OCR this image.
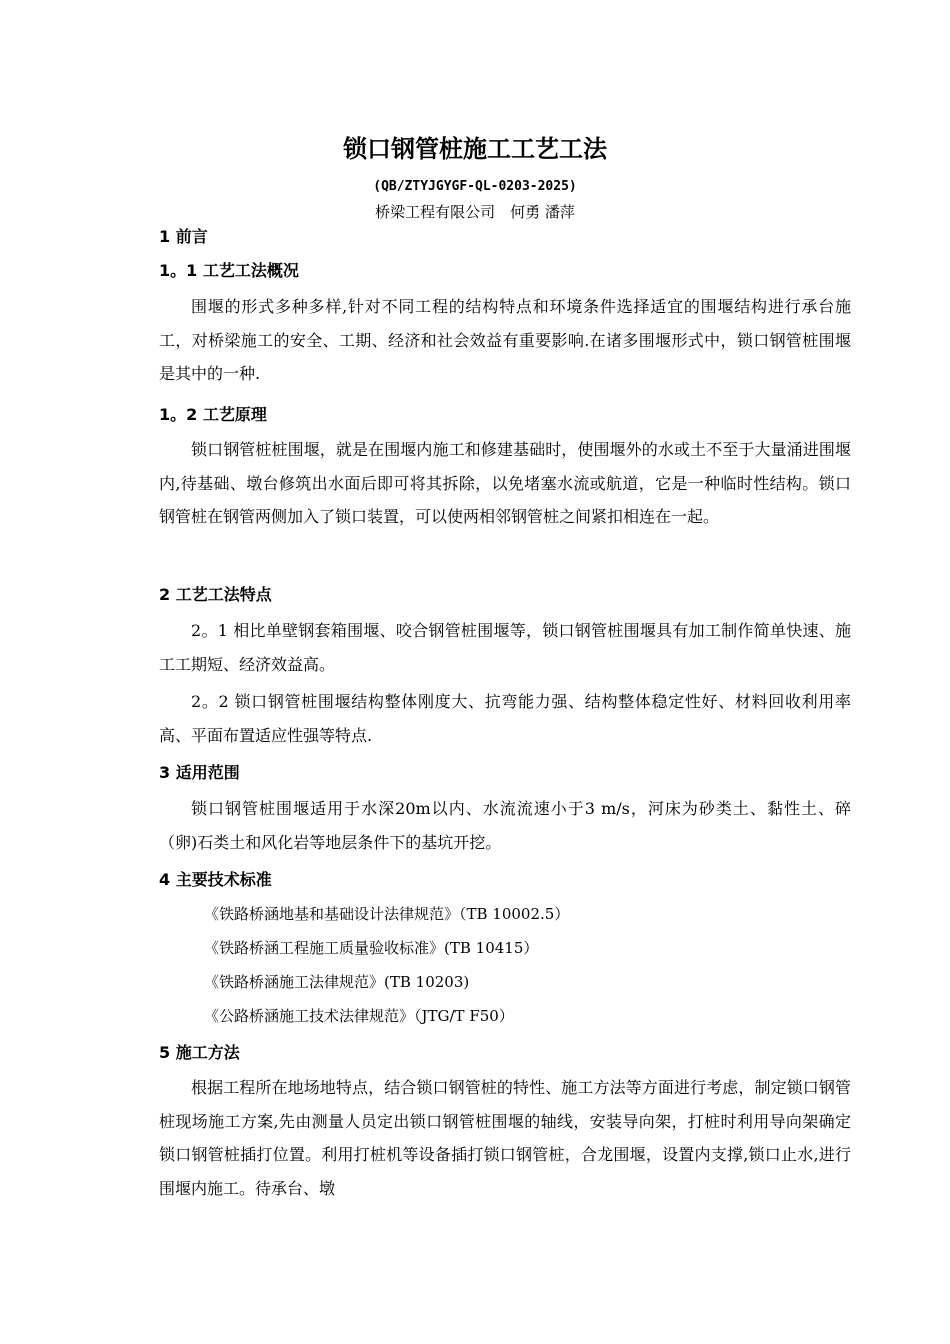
锁口钢管桩施工工艺工法
(QB/ZTYJGYGF-QL-0203-2025)
桥梁工程有限公司　何勇 潘萍
1 前言
1。1 工艺工法概况

围堰的形式多种多样,针对不同工程的结构特点和环境条件选择适宜的围堰结构进行承台施工，对桥梁施工的安全、工期、经济和社会效益有重要影响.在诸多围堰形式中，锁口钢管桩围堰是其中的一种.

1。2 工艺原理

锁口钢管桩桩围堰，就是在围堰内施工和修建基础时，使围堰外的水或土不至于大量涌进围堰内,待基础、墩台修筑出水面后即可将其拆除，以免堵塞水流或航道，它是一种临时性结构。锁口钢管桩在钢管两侧加入了锁口装置，可以使两相邻钢管桩之间紧扣相连在一起。

2 工艺工法特点

2。1 相比单壁钢套箱围堰、咬合钢管桩围堰等，锁口钢管桩围堰具有加工制作简单快速、施工工期短、经济效益高。

2。2 锁口钢管桩围堰结构整体刚度大、抗弯能力强、结构整体稳定性好、材料回收利用率高、平面布置适应性强等特点.

3 适用范围

锁口钢管桩围堰适用于水深20m以内、水流流速小于3 m/s，河床为砂类土、黏性土、碎（卵)石类土和风化岩等地层条件下的基坑开挖。

4 主要技术标准
《铁路桥涵地基和基础设计法律规范》（TB 10002.5）
《铁路桥涵工程施工质量验收标准》(TB 10415）
《铁路桥涵施工法律规范》(TB 10203)
《公路桥涵施工技术法律规范》（JTG/T F50）
5 施工方法

根据工程所在地场地特点，结合锁口钢管桩的特性、施工方法等方面进行考虑，制定锁口钢管桩现场施工方案,先由测量人员定出锁口钢管桩围堰的轴线，安装导向架，打桩时利用导向架确定锁口钢管桩插打位置。利用打桩机等设备插打锁口钢管桩，合龙围堰，设置内支撑,锁口止水,进行围堰内施工。待承台、墩
